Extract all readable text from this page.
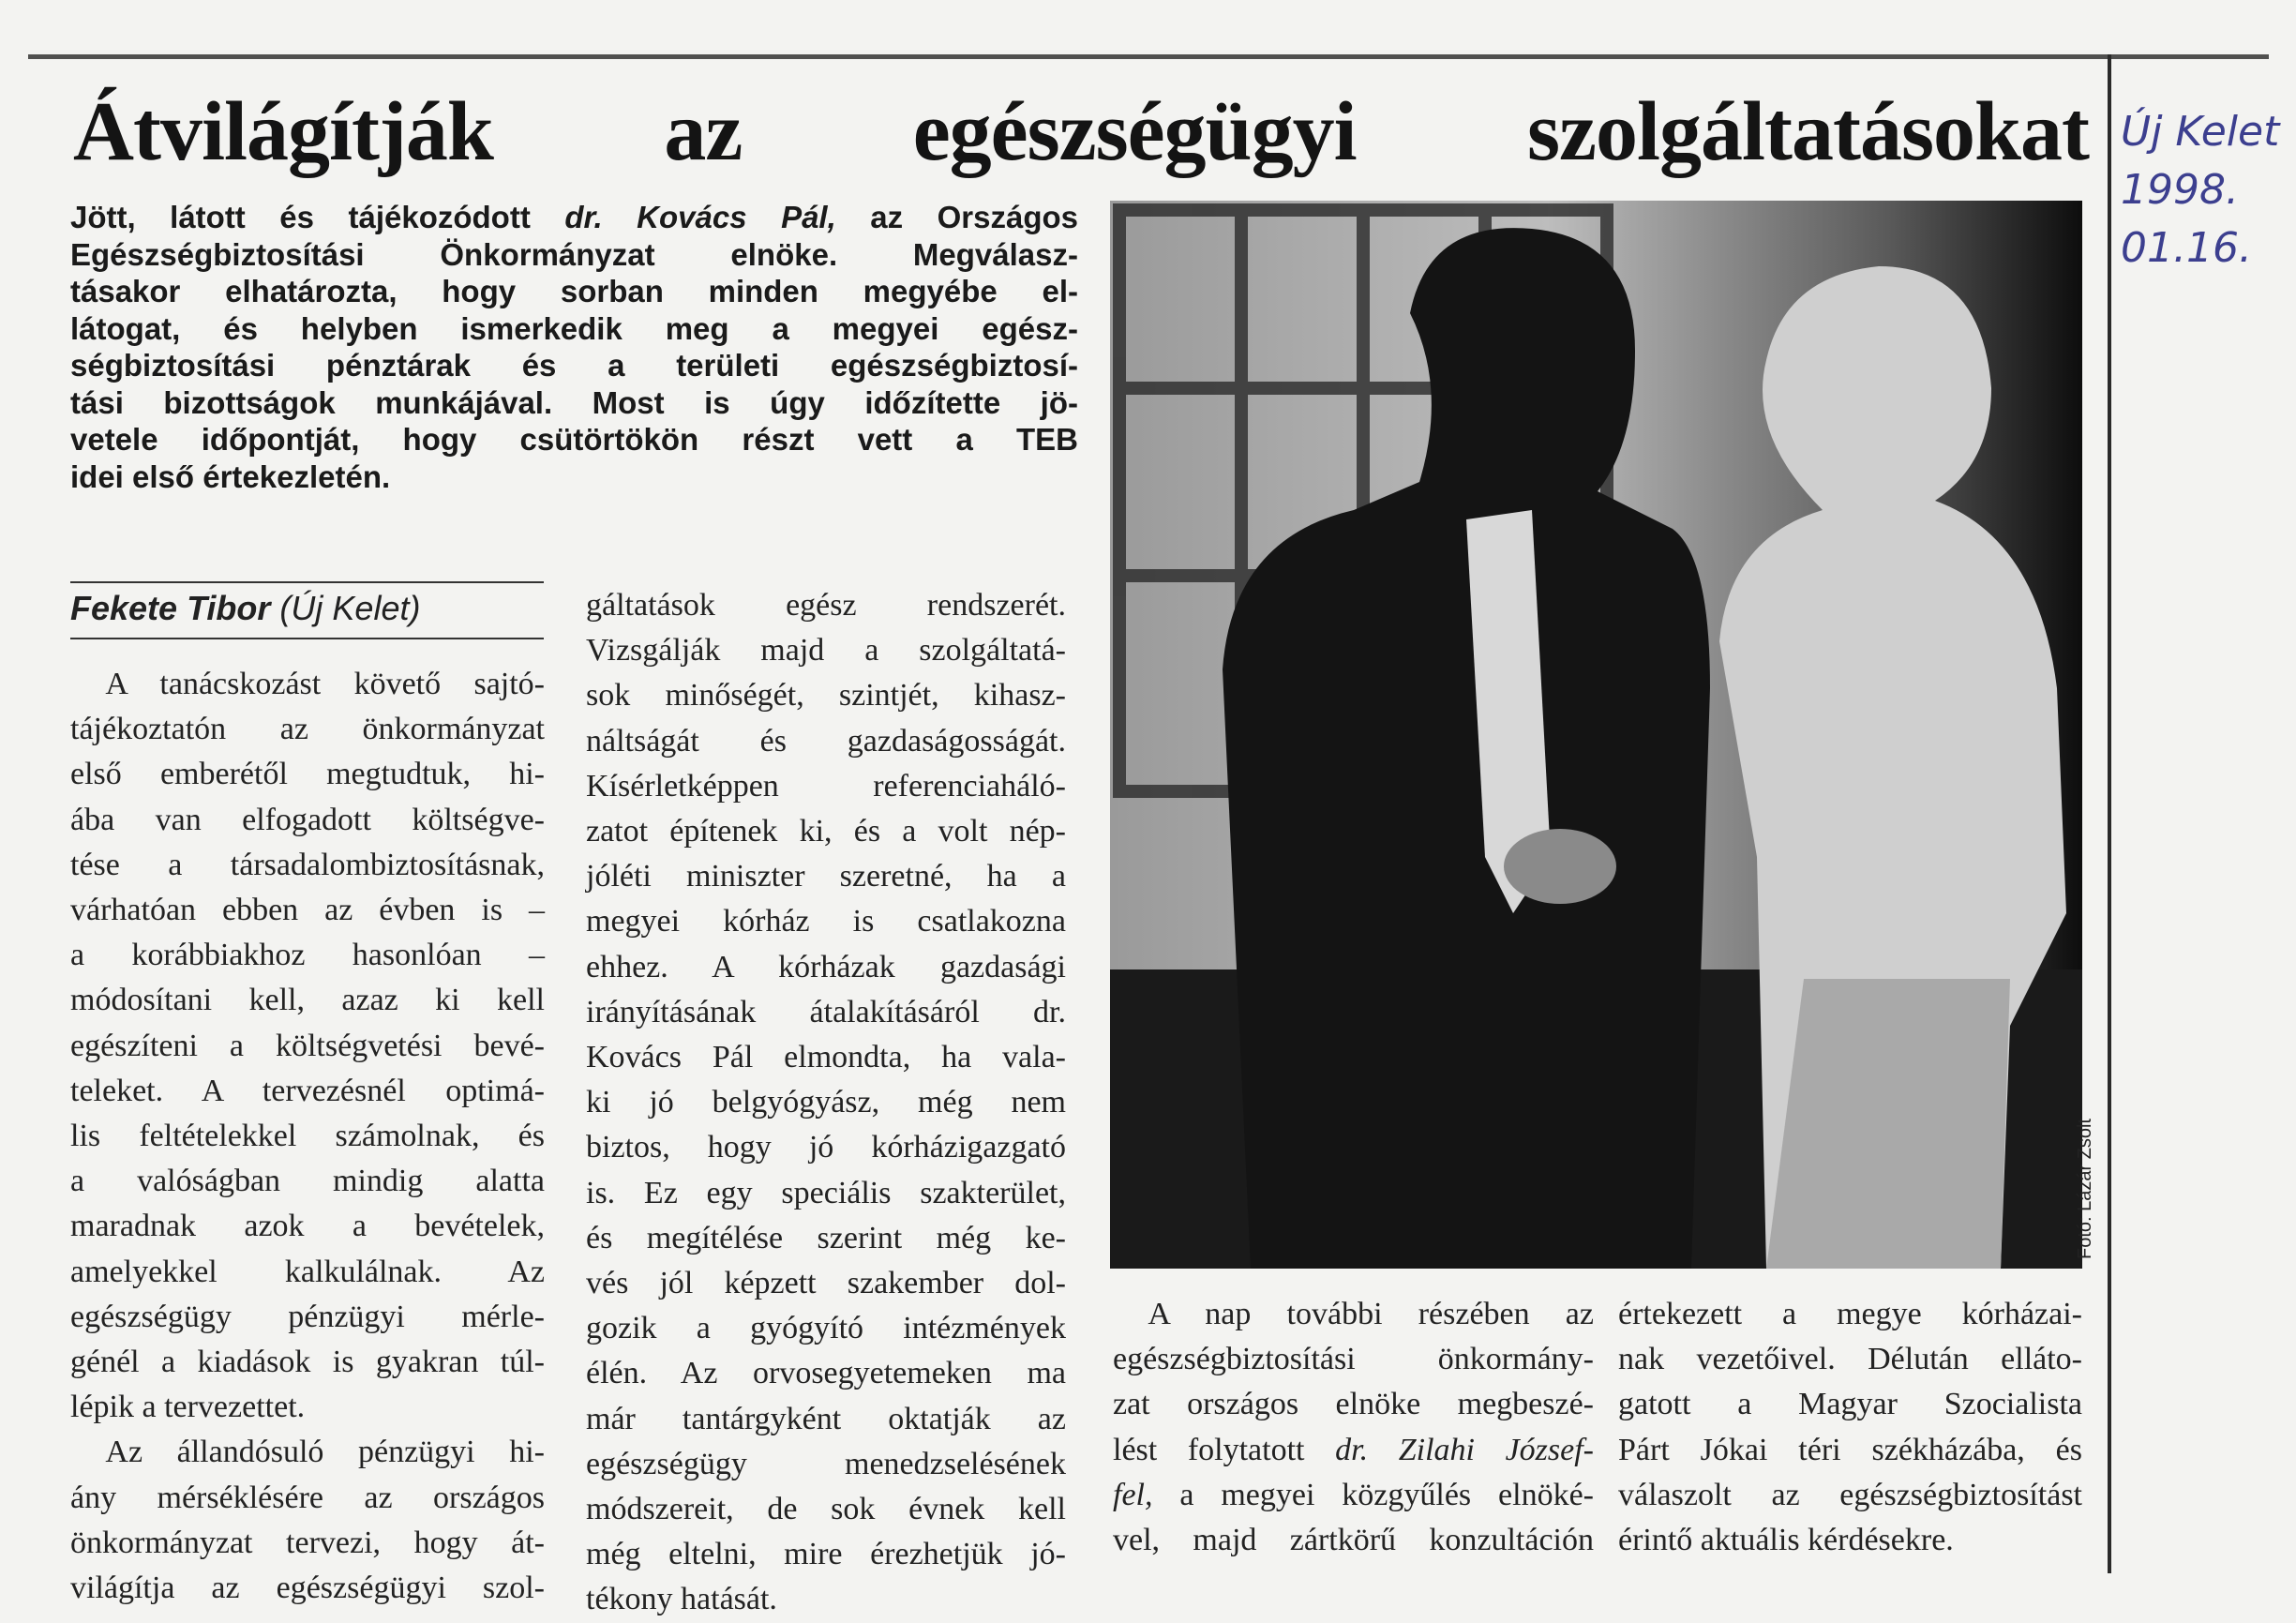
Átvilágítják az egészségügyi szolgáltatásokat
Jött, látott és tájékozódott dr. Kovács Pál, az Országos
Egészségbiztosítási Önkormányzat elnöke. Megválasz-
tásakor elhatározta, hogy sorban minden megyébe el-
látogat, és helyben ismerkedik meg a megyei egész-
ségbiztosítási pénztárak és a területi egészségbiztosí-
tási bizottságok munkájával. Most is úgy időzítette jö-
vetele időpontját, hogy csütörtökön részt vett a TEB
idei első értekezletén.
Fekete Tibor (Új Kelet)
A tanácskozást követő sajtó-
tájékoztatón az önkormányzat
első emberétől megtudtuk, hi-
ába van elfogadott költségve-
tése a társadalombiztosításnak,
várhatóan ebben az évben is –
a korábbiakhoz hasonlóan –
módosítani kell, azaz ki kell
egészíteni a költségvetési bevé-
teleket. A tervezésnél optimá-
lis feltételekkel számolnak, és
a valóságban mindig alatta
maradnak azok a bevételek,
amelyekkel kalkulálnak. Az
egészségügy pénzügyi mérle-
génél a kiadások is gyakran túl-
lépik a tervezettet.
Az állandósuló pénzügyi hi-
ány mérséklésére az országos
önkormányzat tervezi, hogy át-
világítja az egészségügyi szol-
gáltatások egész rendszerét.
Vizsgálják majd a szolgáltatá-
sok minőségét, szintjét, kihasz-
náltságát és gazdaságosságát.
Kísérletképpen referenciaháló-
zatot építenek ki, és a volt nép-
jóléti miniszter szeretné, ha a
megyei kórház is csatlakozna
ehhez. A kórházak gazdasági
irányításának átalakításáról dr.
Kovács Pál elmondta, ha vala-
ki jó belgyógyász, még nem
biztos, hogy jó kórházigazgató
is. Ez egy speciális szakterület,
és megítélése szerint még ke-
vés jól képzett szakember dol-
gozik a gyógyító intézmények
élén. Az orvosegyetemeken ma
már tantárgyként oktatják az
egészségügy menedzselésének
módszereit, de sok évnek kell
még eltelni, mire érezhetjük jó-
tékony hatását.
A nap további részében az
egészségbiztosítási önkormány-
zat országos elnöke megbeszé-
lést folytatott dr. Zilahi József-
fel, a megyei közgyűlés elnöké-
vel, majd zártkörű konzultáción
értekezett a megye kórházai-
nak vezetőivel. Délután elláto-
gatott a Magyar Szocialista
Párt Jókai téri székházába, és
válaszolt az egészségbiztosítást
érintő aktuális kérdésekre.
Fotó: Lázár Zsolt
Új Kelet
1998.
01.16.
